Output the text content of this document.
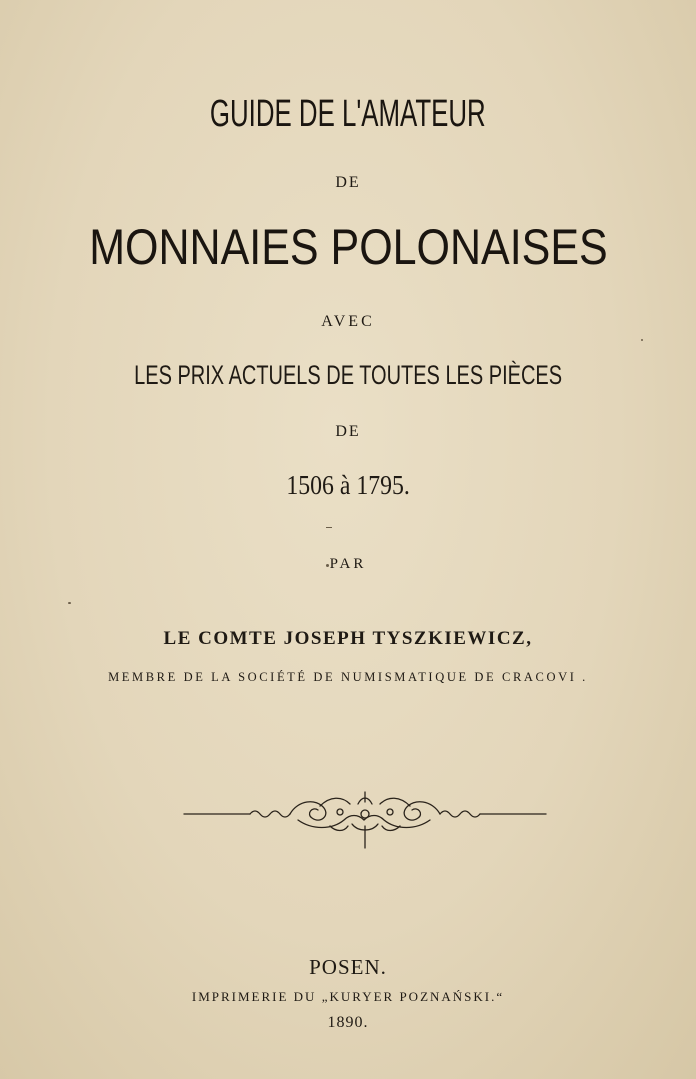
GUIDE DE L'AMATEUR
DE
MONNAIES POLONAISES
AVEC
LES PRIX ACTUELS DE TOUTES LES PIÈCES
DE
1506 à 1795.
PAR
LE COMTE JOSEPH TYSZKIEWICZ,
MEMBRE DE LA SOCIÉTÉ DE NUMISMATIQUE DE CRACOVI .
POSEN.
IMPRIMERIE DU „KURYER POZNAŃSKI.“
1890.
